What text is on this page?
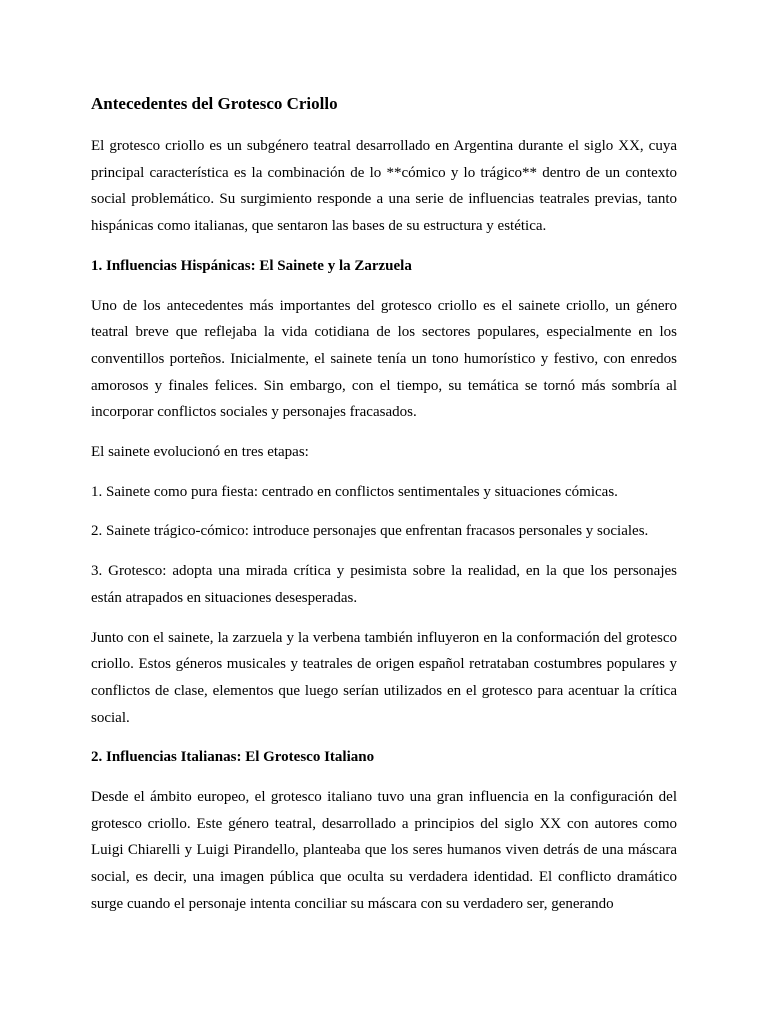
Antecedentes del Grotesco Criollo

El grotesco criollo es un subgénero teatral desarrollado en Argentina durante el siglo XX, cuya principal característica es la combinación de lo **cómico y lo trágico** dentro de un contexto social problemático. Su surgimiento responde a una serie de influencias teatrales previas, tanto hispánicas como italianas, que sentaron las bases de su estructura y estética.

1. Influencias Hispánicas: El Sainete y la Zarzuela

Uno de los antecedentes más importantes del grotesco criollo es el sainete criollo, un género teatral breve que reflejaba la vida cotidiana de los sectores populares, especialmente en los conventillos porteños. Inicialmente, el sainete tenía un tono humorístico y festivo, con enredos amorosos y finales felices. Sin embargo, con el tiempo, su temática se tornó más sombría al incorporar conflictos sociales y personajes fracasados.

El sainete evolucionó en tres etapas:

1. Sainete como pura fiesta: centrado en conflictos sentimentales y situaciones cómicas.

2. Sainete trágico-cómico: introduce personajes que enfrentan fracasos personales y sociales.

3. Grotesco: adopta una mirada crítica y pesimista sobre la realidad, en la que los personajes están atrapados en situaciones desesperadas.

Junto con el sainete, la zarzuela y la verbena también influyeron en la conformación del grotesco criollo. Estos géneros musicales y teatrales de origen español retrataban costumbres populares y conflictos de clase, elementos que luego serían utilizados en el grotesco para acentuar la crítica social.

2. Influencias Italianas: El Grotesco Italiano

Desde el ámbito europeo, el grotesco italiano tuvo una gran influencia en la configuración del grotesco criollo. Este género teatral, desarrollado a principios del siglo XX con autores como Luigi Chiarelli y Luigi Pirandello, planteaba que los seres humanos viven detrás de una máscara social, es decir, una imagen pública que oculta su verdadera identidad. El conflicto dramático surge cuando el personaje intenta conciliar su máscara con su verdadero ser, generando
